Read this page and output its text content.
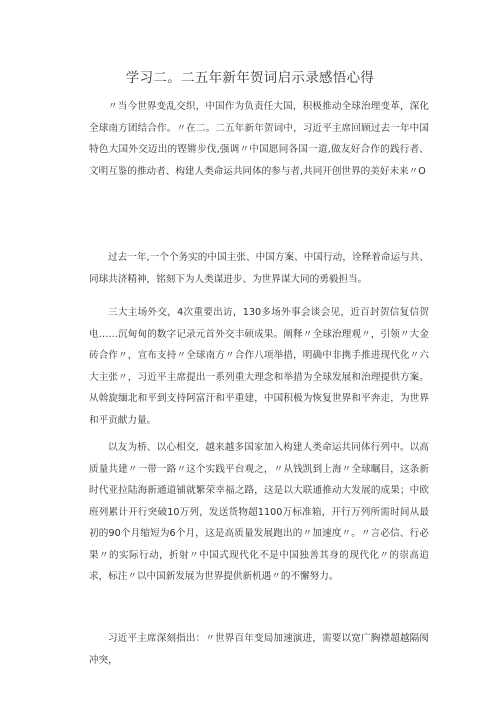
学习二。二五年新年贺词启示录感悟心得

〃当今世界变乱交织，中国作为负责任大国，积极推动全球治理变革，深化全球南方团结合作。〃在二。二五年新年贺词中，习近平主席回顾过去一年中国特色大国外交迈出的铿锵步伐,强调〃中国愿同各国一道,做友好合作的践行者、文明互鉴的推动者、构建人类命运共同体的参与者,共同开创世界的美好未来〃O

过去一年,一个个务实的中国主张、中国方案、中国行动，诠释着命运与共、同球共济精神，铭刻下为人类谋进步、为世界谋大同的勇毅担当。

三大主场外交，4次重要出访，130多场外事会谈会见，近百封贺信复信贺电……沉甸甸的数字记录元首外交丰硕成果。阐释〃全球治理观〃，引领〃大金砖合作〃，宣布支持〃全球南方〃合作八项举措，明确中非携手推进现代化〃六大主张〃，习近平主席提出一系列重大理念和举措为全球发展和治理提供方案。从斡旋缅北和平到支持阿富汗和平重建，中国积极为恢复世界和平奔走，为世界和平贡献力量。

以友为桥、以心相交，越来越多国家加入构建人类命运共同体行列中。以高质量共建〃一带一路〃这个实践平台观之，〃从钱凯到上海〃全球瞩目，这条新时代亚拉陆海新通道铺就繁荣幸福之路，这是以大联通推动大发展的成果；中欧班列累计开行突破10万列，发送货物超1100万标准箱，开行万列所需时间从最初的90个月缩短为6个月，这是高质量发展跑出的〃加速度〃。〃言必信、行必果〃的实际行动，折射〃中国式现代化不是中国独善其身的现代化〃的崇高追求，标注〃以中国新发展为世界提供新机遇〃的不懈努力。

习近平主席深刻指出：〃世界百年变局加速演进，需要以宽广胸襟超越隔阂冲突，
